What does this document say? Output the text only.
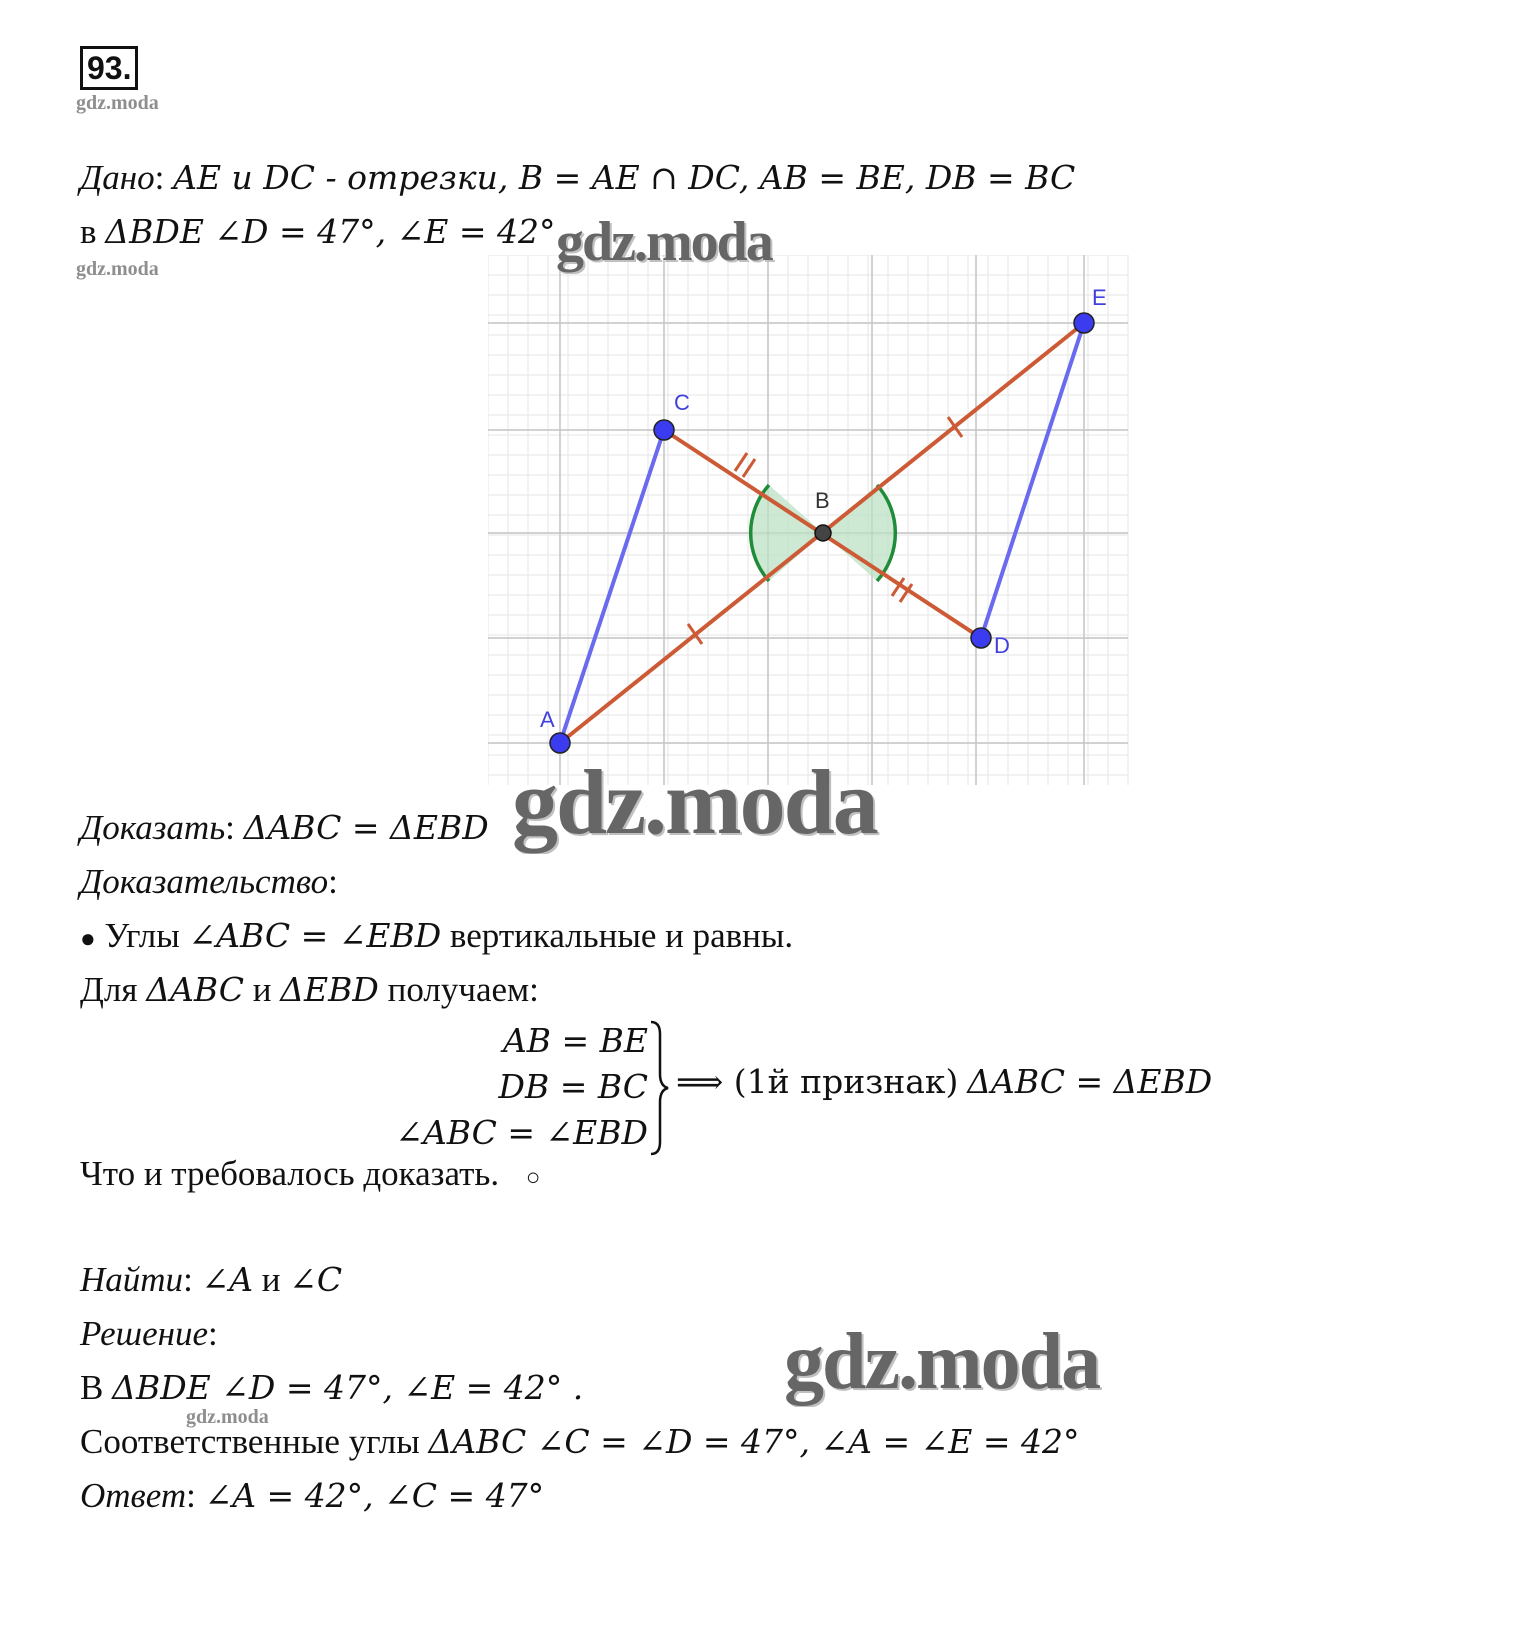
93.
gdz.moda
Дано: AE и DC - отрезки, B = AE ∩ DC, AB = BE, DB = BC
в ΔBDE ∠D = 47°, ∠E = 42°
gdz.moda
A
B
C
D
E
gdz.moda
Доказать: ΔABC = ΔEBD gdz.moda
Доказательство:
● Углы ∠ABC = ∠EBD вертикальные и равны.
Для ΔABC и ΔEBD получаем:
AB = BE
DB = BC
∠ABC = ∠EBD
⟹ (1й признак) ΔABC = ΔEBD
Что и требовалось доказать. ○
Найти: ∠A и ∠C
Решение:	gdz.moda
В ΔBDE ∠D = 47°, ∠E = 42° .
gdz.moda
Соответственные углы ΔABC ∠C = ∠D = 47°, ∠A = ∠E = 42°
Ответ: ∠A = 42°, ∠C = 47°
